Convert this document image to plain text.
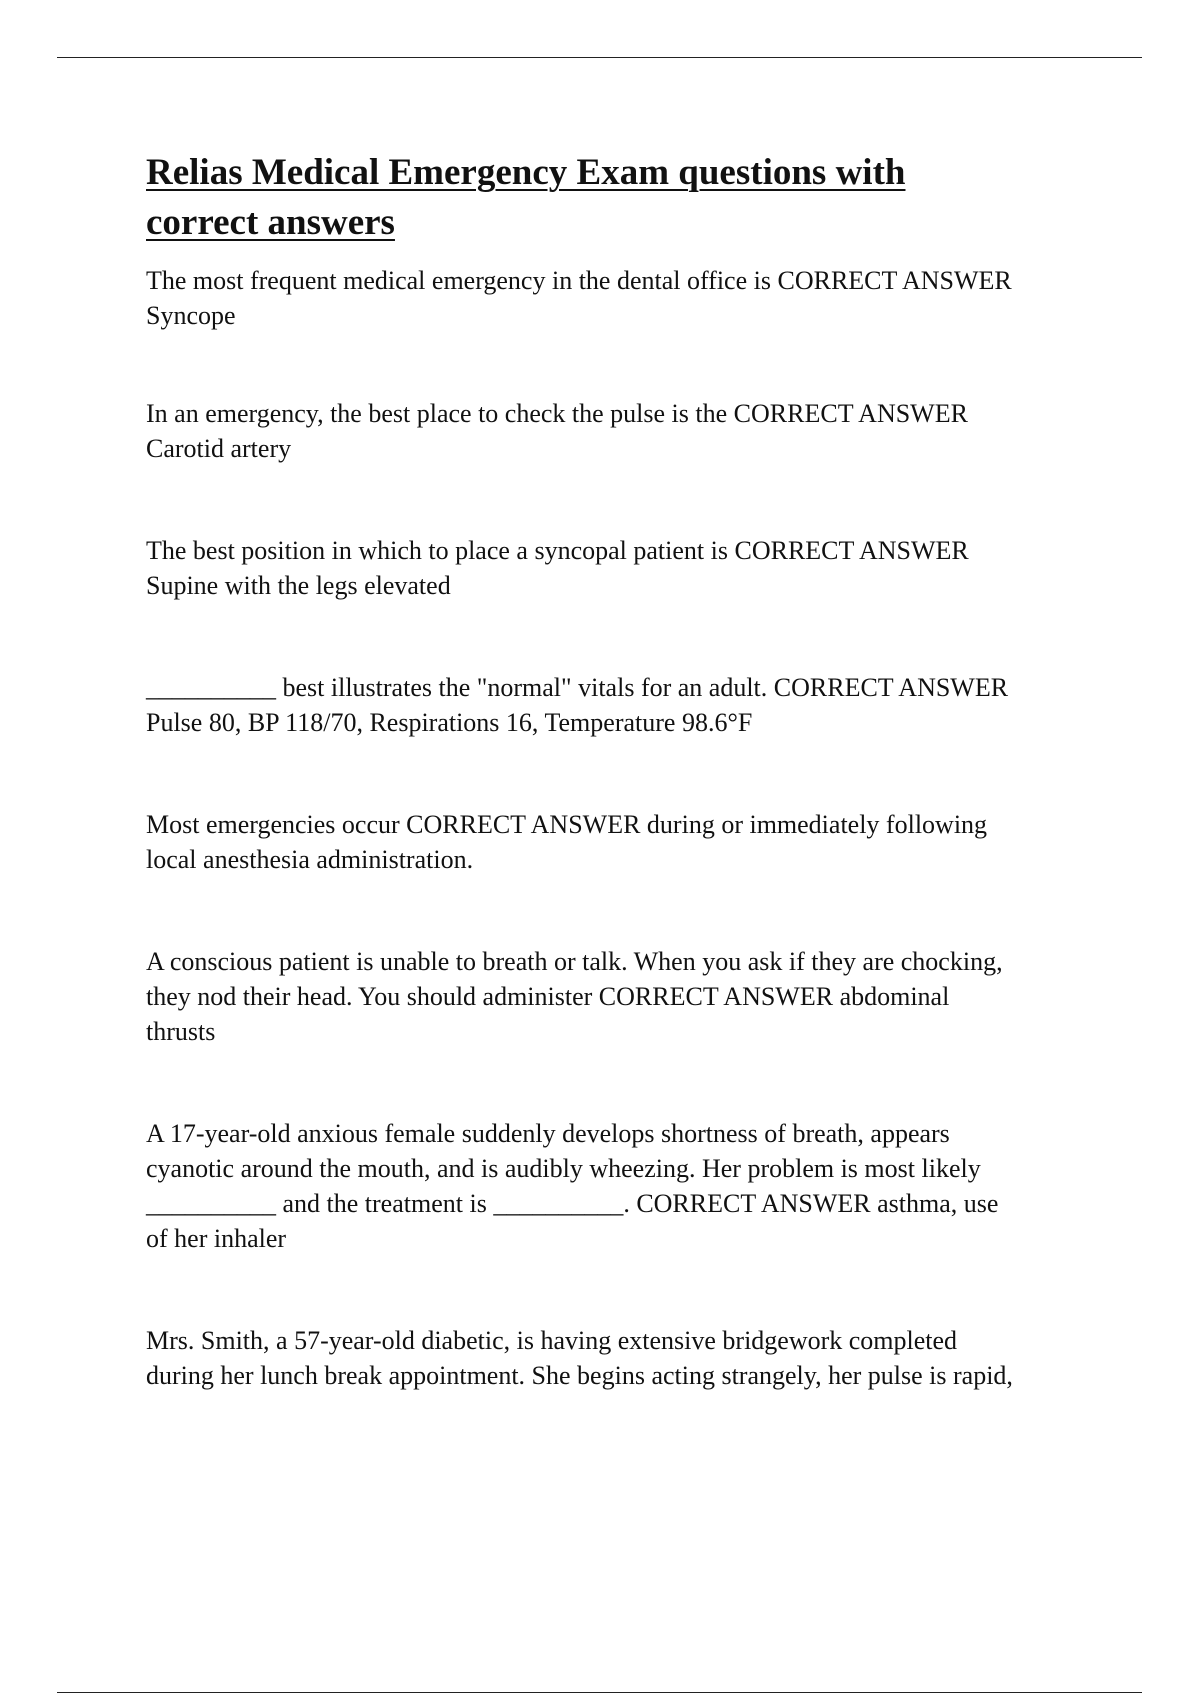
Relias Medical Emergency Exam questions with
correct answers

The most frequent medical emergency in the dental office is CORRECT ANSWER
Syncope

In an emergency, the best place to check the pulse is the CORRECT ANSWER
Carotid artery

The best position in which to place a syncopal patient is CORRECT ANSWER
Supine with the legs elevated

__________ best illustrates the "normal" vitals for an adult. CORRECT ANSWER
Pulse 80, BP 118/70, Respirations 16, Temperature 98.6°F

Most emergencies occur CORRECT ANSWER during or immediately following
local anesthesia administration.

A conscious patient is unable to breath or talk. When you ask if they are chocking,
they nod their head. You should administer CORRECT ANSWER abdominal
thrusts

A 17-year-old anxious female suddenly develops shortness of breath, appears
cyanotic around the mouth, and is audibly wheezing. Her problem is most likely
__________ and the treatment is __________. CORRECT ANSWER asthma, use
of her inhaler

Mrs. Smith, a 57-year-old diabetic, is having extensive bridgework completed
during her lunch break appointment. She begins acting strangely, her pulse is rapid,
